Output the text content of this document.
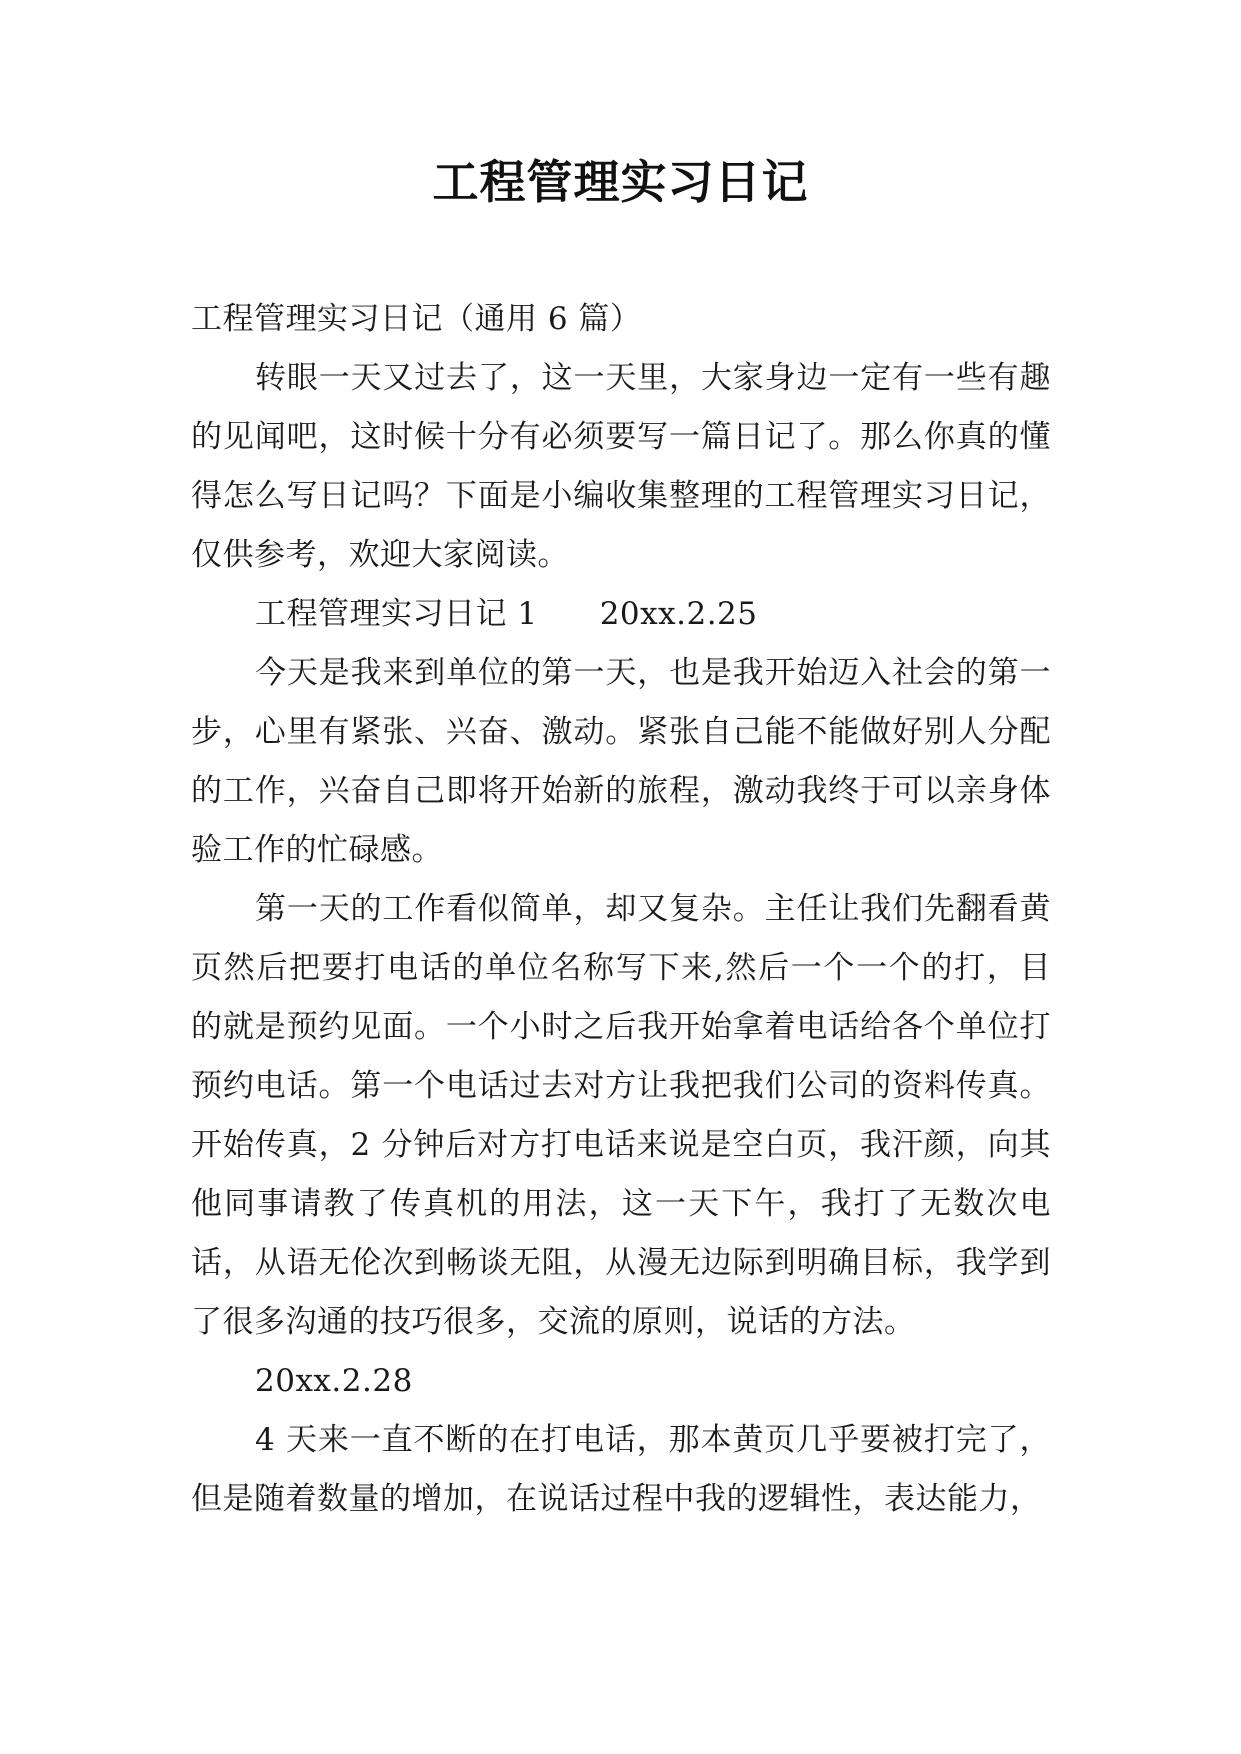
工程管理实习日记

工程管理实习日记（通用 6 篇）

转眼一天又过去了，这一天里，大家身边一定有一些有趣的见闻吧，这时候十分有必须要写一篇日记了。那么你真的懂得怎么写日记吗？下面是小编收集整理的工程管理实习日记，仅供参考，欢迎大家阅读。

工程管理实习日记 1 20xx.2.25

今天是我来到单位的第一天，也是我开始迈入社会的第一步，心里有紧张、兴奋、激动。紧张自己能不能做好别人分配的工作，兴奋自己即将开始新的旅程，激动我终于可以亲身体验工作的忙碌感。

第一天的工作看似简单，却又复杂。主任让我们先翻看黄页然后把要打电话的单位名称写下来,然后一个一个的打，目的就是预约见面。一个小时之后我开始拿着电话给各个单位打预约电话。第一个电话过去对方让我把我们公司的资料传真。开始传真，2 分钟后对方打电话来说是空白页，我汗颜，向其他同事请教了传真机的用法，这一天下午，我打了无数次电话，从语无伦次到畅谈无阻，从漫无边际到明确目标，我学到了很多沟通的技巧很多，交流的原则，说话的方法。

20xx.2.28

4 天来一直不断的在打电话，那本黄页几乎要被打完了，但是随着数量的增加，在说话过程中我的逻辑性，表达能力，
